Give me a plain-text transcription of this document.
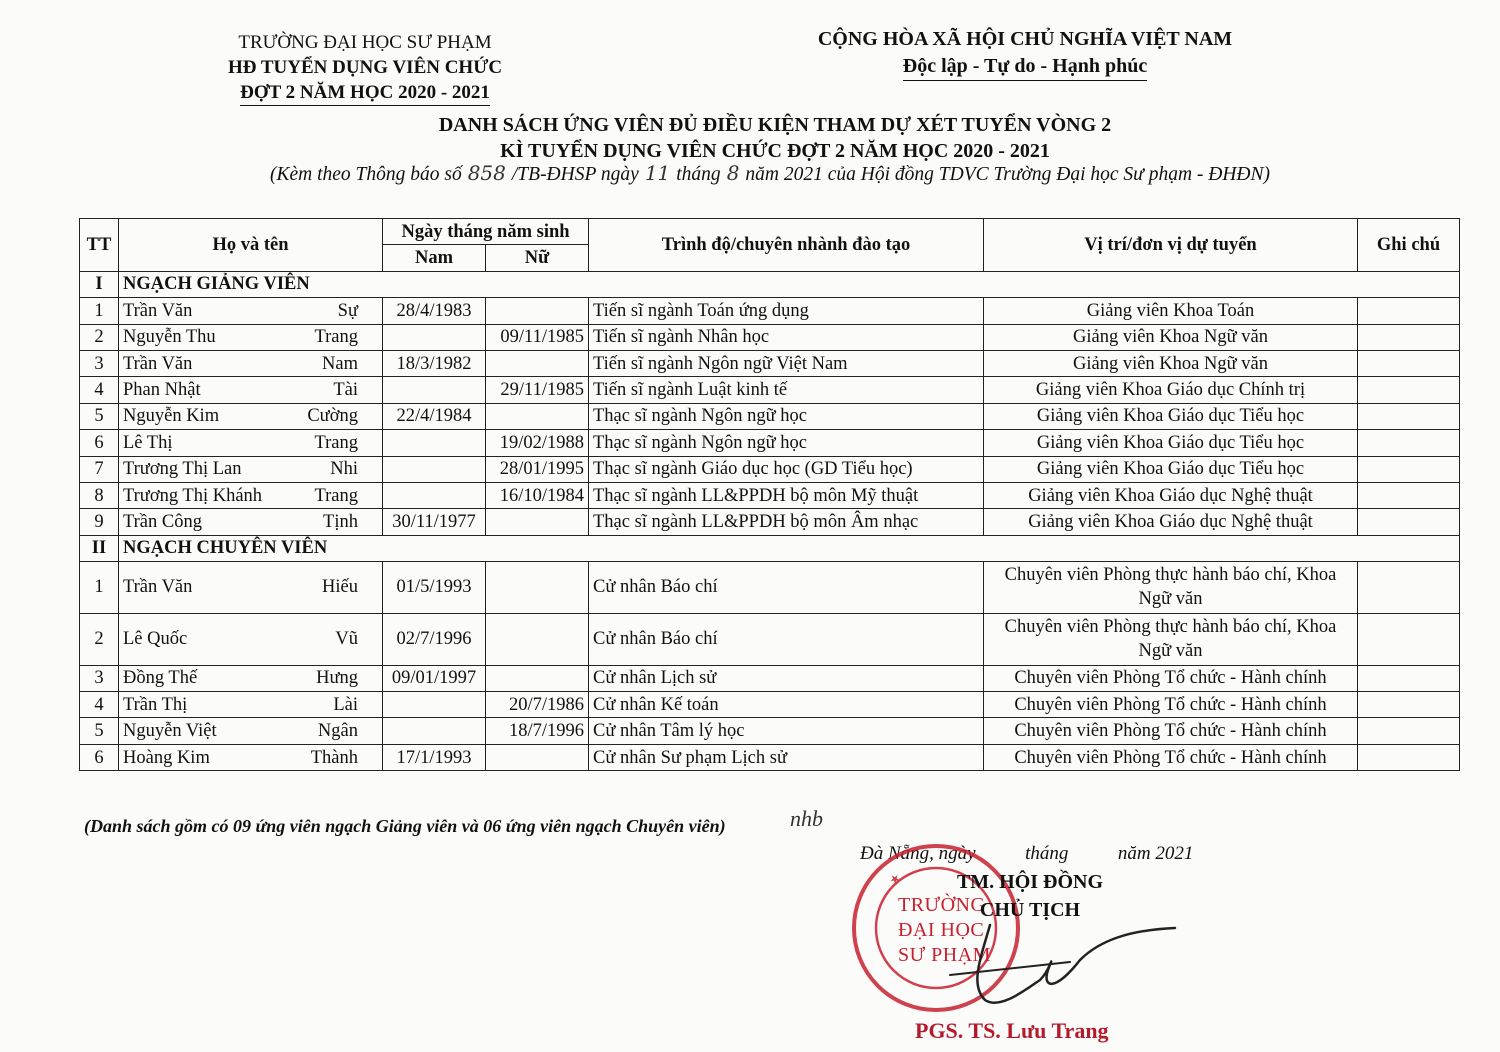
TRƯỜNG ĐẠI HỌC SƯ PHẠM
HĐ TUYỂN DỤNG VIÊN CHỨC
ĐỢT 2 NĂM HỌC 2020 - 2021
CỘNG HÒA XÃ HỘI CHỦ NGHĨA VIỆT NAM
Độc lập - Tự do - Hạnh phúc
DANH SÁCH ỨNG VIÊN ĐỦ ĐIỀU KIỆN THAM DỰ XÉT TUYỂN VÒNG 2
KÌ TUYỂN DỤNG VIÊN CHỨC ĐỢT 2 NĂM HỌC 2020 - 2021
(Kèm theo Thông báo số 858 /TB-ĐHSP ngày 11 tháng 8 năm 2021 của Hội đồng TDVC Trường Đại học Sư phạm - ĐHĐN)
TT	Họ và tên	Ngày tháng năm sinh		Trình độ/chuyên nhành đào tạo	Vị trí/đơn vị dự tuyển	Ghi chú
		Nam	Nữ			
I	NGẠCH GIẢNG VIÊN					
1	Trần Văn Sự	28/4/1983		Tiến sĩ ngành Toán ứng dụng	Giảng viên Khoa Toán	
2	Nguyễn Thu Trang		09/11/1985	Tiến sĩ ngành Nhân học	Giảng viên Khoa Ngữ văn	
3	Trần Văn Nam	18/3/1982		Tiến sĩ ngành Ngôn ngữ Việt Nam	Giảng viên Khoa Ngữ văn	
4	Phan Nhật Tài		29/11/1985	Tiến sĩ ngành Luật kinh tế	Giảng viên Khoa Giáo dục Chính trị	
5	Nguyễn Kim Cường	22/4/1984		Thạc sĩ ngành Ngôn ngữ học	Giảng viên Khoa Giáo dục Tiểu học	
6	Lê Thị Trang		19/02/1988	Thạc sĩ ngành Ngôn ngữ học	Giảng viên Khoa Giáo dục Tiểu học	
7	Trương Thị Lan Nhi		28/01/1995	Thạc sĩ ngành Giáo dục học (GD Tiểu học)	Giảng viên Khoa Giáo dục Tiểu học	
8	Trương Thị Khánh Trang		16/10/1984	Thạc sĩ ngành LL&PPDH bộ môn Mỹ thuật	Giảng viên Khoa Giáo dục Nghệ thuật	
9	Trần Công Tịnh	30/11/1977		Thạc sĩ ngành LL&PPDH bộ môn Âm nhạc	Giảng viên Khoa Giáo dục Nghệ thuật	
II	NGẠCH CHUYÊN VIÊN					
1	Trần Văn Hiếu	01/5/1993		Cử nhân Báo chí	Chuyên viên Phòng thực hành báo chí, Khoa Ngữ văn	
2	Lê Quốc Vũ	02/7/1996		Cử nhân Báo chí	Chuyên viên Phòng thực hành báo chí, Khoa Ngữ văn	
3	Đồng Thế Hưng	09/01/1997		Cử nhân Lịch sử	Chuyên viên Phòng Tổ chức - Hành chính	
4	Trần Thị Lài		20/7/1986	Cử nhân Kế toán	Chuyên viên Phòng Tổ chức - Hành chính	
5	Nguyễn Việt Ngân		18/7/1996	Cử nhân Tâm lý học	Chuyên viên Phòng Tổ chức - Hành chính	
6	Hoàng Kim Thành	17/1/1993		Cử nhân Sư phạm Lịch sử	Chuyên viên Phòng Tổ chức - Hành chính	
(Danh sách gồm có 09 ứng viên ngạch Giảng viên và 06 ứng viên ngạch Chuyên viên)	nhb
Đà Nẵng, ngày	tháng	năm 2021
★
TRƯỜNG
ĐẠI HỌC
SƯ PHẠM
TM. HỘI ĐỒNG
CHỦ TỊCH
PGS. TS. Lưu Trang
